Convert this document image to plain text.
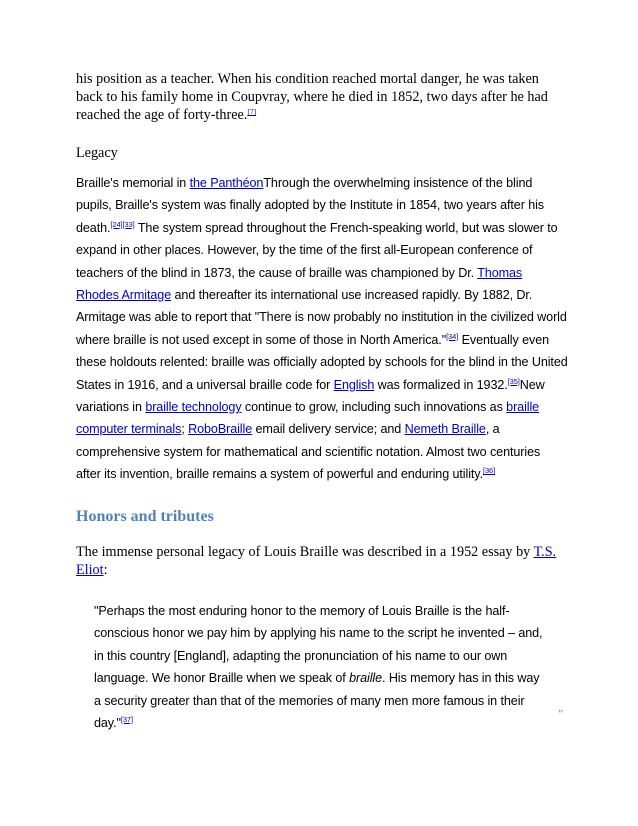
his position as a teacher. When his condition reached mortal danger, he was taken back to his family home in Coupvray, where he died in 1852, two days after he had reached the age of forty-three.[7]

Legacy

Braille's memorial in the PanthéonThrough the overwhelming insistence of the blind pupils, Braille's system was finally adopted by the Institute in 1854, two years after his death.[24][33] The system spread throughout the French-speaking world, but was slower to expand in other places. However, by the time of the first all-European conference of teachers of the blind in 1873, the cause of braille was championed by Dr. Thomas Rhodes Armitage and thereafter its international use increased rapidly. By 1882, Dr. Armitage was able to report that "There is now probably no institution in the civilized world where braille is not used except in some of those in North America."[34] Eventually even these holdouts relented: braille was officially adopted by schools for the blind in the United States in 1916, and a universal braille code for English was formalized in 1932.[35]New variations in braille technology continue to grow, including such innovations as braille computer terminals; RoboBraille email delivery service; and Nemeth Braille, a comprehensive system for mathematical and scientific notation. Almost two centuries after its invention, braille remains a system of powerful and enduring utility.[36]

Honors and tributes

The immense personal legacy of Louis Braille was described in a 1952 essay by T.S. Eliot:

"Perhaps the most enduring honor to the memory of Louis Braille is the half-conscious honor we pay him by applying his name to the script he invented – and, in this country [England], adapting the pronunciation of his name to our own language. We honor Braille when we speak of braille. His memory has in this way a security greater than that of the memories of many men more famous in their day."[37]	”
